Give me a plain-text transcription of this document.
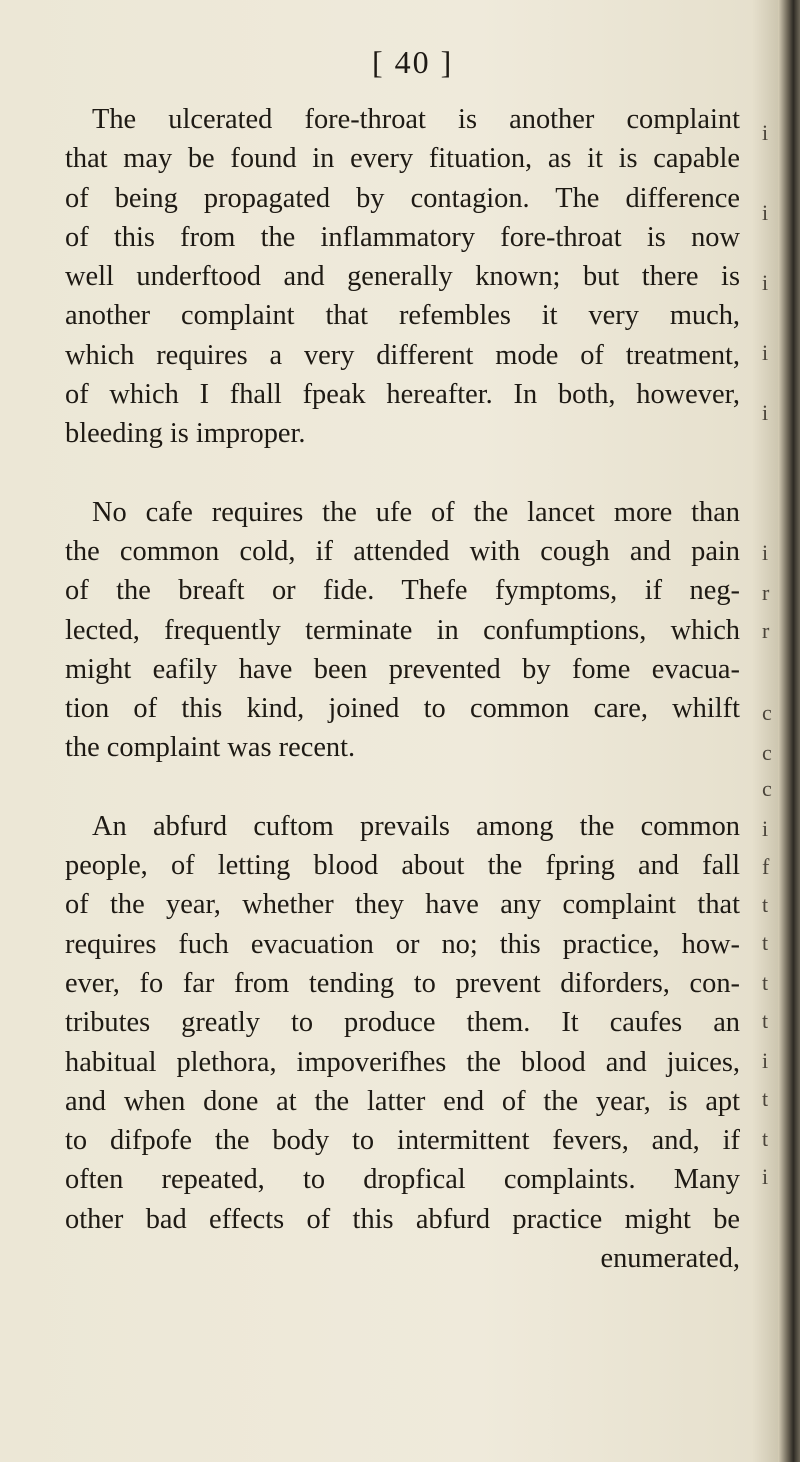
[ 40 ]
The ulcerated fore-throat is another complaint
that may be found in every fituation, as it is capable
of being propagated by contagion. The difference
of this from the inflammatory fore-throat is now
well underftood and generally known; but there is
another complaint that refembles it very much,
which requires a very different mode of treatment,
of which I fhall fpeak hereafter. In both, however,
bleeding is improper.
No cafe requires the ufe of the lancet more than
the common cold, if attended with cough and pain
of the breaft or fide. Thefe fymptoms, if neg-
lected, frequently terminate in confumptions, which
might eafily have been prevented by fome evacua-
tion of this kind, joined to common care, whilft
the complaint was recent.
An abfurd cuftom prevails among the common
people, of letting blood about the fpring and fall
of the year, whether they have any complaint that
requires fuch evacuation or no; this practice, how-
ever, fo far from tending to prevent diforders, con-
tributes greatly to produce them. It caufes an
habitual plethora, impoverifhes the blood and juices,
and when done at the latter end of the year, is apt
to difpofe the body to intermittent fevers, and, if
often repeated, to dropfical complaints. Many
other bad effects of this abfurd practice might be
enumerated,
i
i
i
i
i
i
r
r
c
c
c
i
f
t
t
t
t
i
t
t
i
